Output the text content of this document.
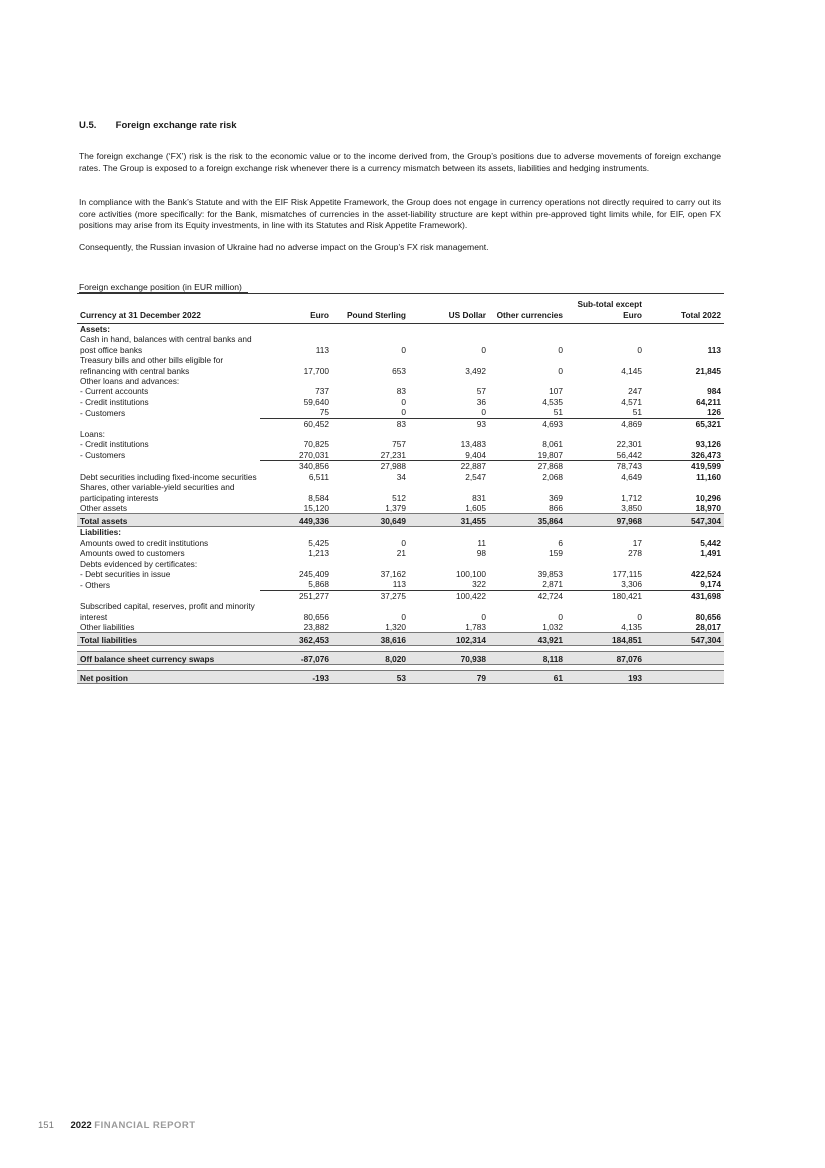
U.5. Foreign exchange rate risk

The foreign exchange (‘FX’) risk is the risk to the economic value or to the income derived from, the Group’s positions due to adverse movements of foreign exchange rates. The Group is exposed to a foreign exchange risk whenever there is a currency mismatch between its assets, liabilities and hedging instruments.

In compliance with the Bank’s Statute and with the EIF Risk Appetite Framework, the Group does not engage in currency operations not directly required to carry out its core activities (more specifically: for the Bank, mismatches of currencies in the asset-liability structure are kept within pre-approved tight limits while, for EIF, open FX positions may arise from its Equity investments, in line with its Statutes and Risk Appetite Framework).

Consequently, the Russian invasion of Ukraine had no adverse impact on the Group’s FX risk management.

Foreign exchange position (in EUR million)
Currency at 31 December 2022	Euro	Pound Sterling	US Dollar	Other currencies	Sub-total except Euro	Total 2022
Assets:						
Cash in hand, balances with central banks and post office banks	113	0	0	0	0	113
Treasury bills and other bills eligible for refinancing with central banks	17,700	653	3,492	0	4,145	21,845
Other loans and advances:						
- Current accounts	737	83	57	107	247	984
- Credit institutions	59,640	0	36	4,535	4,571	64,211
- Customers	75	0	0	51	51	126
	60,452	83	93	4,693	4,869	65,321
Loans:						
- Credit institutions	70,825	757	13,483	8,061	22,301	93,126
- Customers	270,031	27,231	9,404	19,807	56,442	326,473
	340,856	27,988	22,887	27,868	78,743	419,599
Debt securities including fixed-income securities	6,511	34	2,547	2,068	4,649	11,160
Shares, other variable-yield securities and participating interests	8,584	512	831	369	1,712	10,296
Other assets	15,120	1,379	1,605	866	3,850	18,970
Total assets	449,336	30,649	31,455	35,864	97,968	547,304
Liabilities:						
Amounts owed to credit institutions	5,425	0	11	6	17	5,442
Amounts owed to customers	1,213	21	98	159	278	1,491
Debts evidenced by certificates:						
- Debt securities in issue	245,409	37,162	100,100	39,853	177,115	422,524
- Others	5,868	113	322	2,871	3,306	9,174
	251,277	37,275	100,422	42,724	180,421	431,698
Subscribed capital, reserves, profit and minority interest	80,656	0	0	0	0	80,656
Other liabilities	23,882	1,320	1,783	1,032	4,135	28,017
Total liabilities	362,453	38,616	102,314	43,921	184,851	547,304

Off balance sheet currency swaps	-87,076	8,020	70,938	8,118	87,076	

Net position	-193	53	79	61	193	
151 2022 FINANCIAL REPORT
